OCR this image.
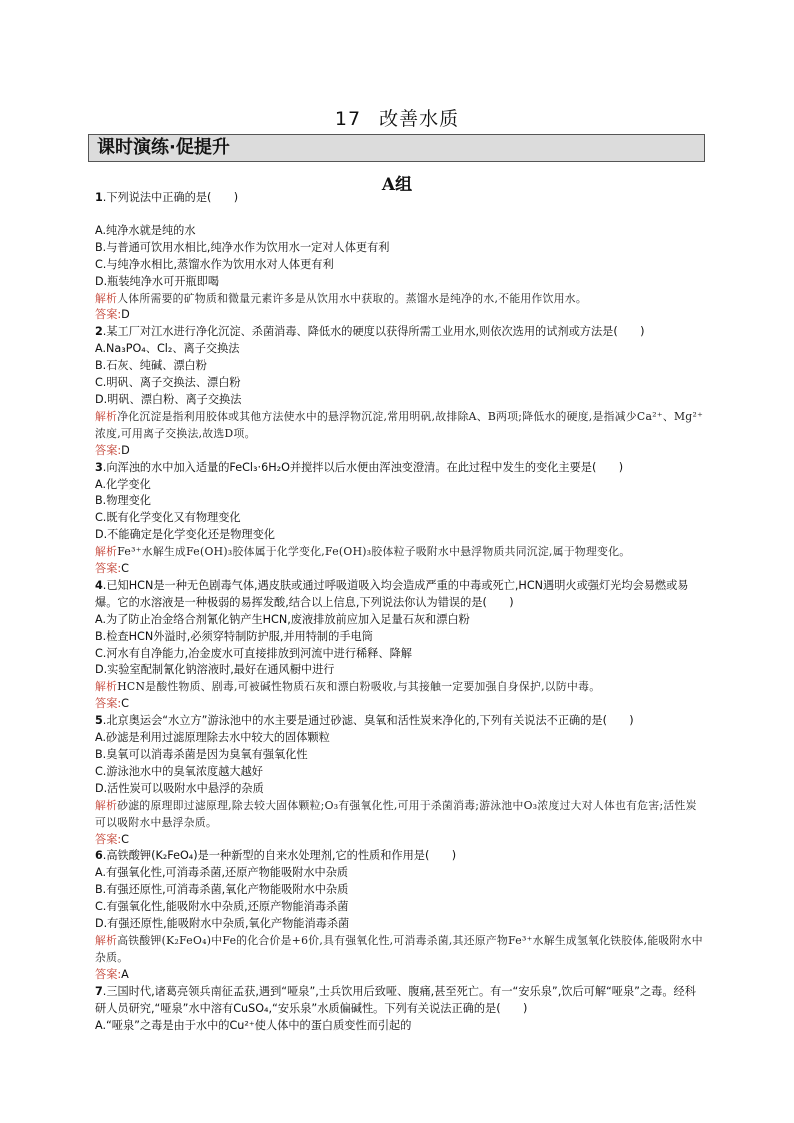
17 改善水质
课时演练·促提升
A组

1.下列说法中正确的是(　　)

A.纯净水就是纯的水

B.与普通可饮用水相比,纯净水作为饮用水一定对人体更有利

C.与纯净水相比,蒸馏水作为饮用水对人体更有利

D.瓶装纯净水可开瓶即喝

解析人体所需要的矿物质和微量元素许多是从饮用水中获取的。蒸馏水是纯净的水,不能用作饮用水。

答案:D

2.某工厂对江水进行净化沉淀、杀菌消毒、降低水的硬度以获得所需工业用水,则依次选用的试剂或方法是(　　)

A.Na₃PO₄、Cl₂、离子交换法

B.石灰、纯碱、漂白粉

C.明矾、离子交换法、漂白粉

D.明矾、漂白粉、离子交换法

解析净化沉淀是指利用胶体或其他方法使水中的悬浮物沉淀,常用明矾,故排除A、B两项;降低水的硬度,是指减少Ca²⁺、Mg²⁺浓度,可用离子交换法,故选D项。

答案:D

3.向浑浊的水中加入适量的FeCl₃·6H₂O并搅拌以后水便由浑浊变澄清。在此过程中发生的变化主要是(　　)

A.化学变化

B.物理变化

C.既有化学变化又有物理变化

D.不能确定是化学变化还是物理变化

解析Fe³⁺水解生成Fe(OH)₃胶体属于化学变化,Fe(OH)₃胶体粒子吸附水中悬浮物质共同沉淀,属于物理变化。

答案:C

4.已知HCN是一种无色剧毒气体,遇皮肤或通过呼吸道吸入均会造成严重的中毒或死亡,HCN遇明火或强灯光均会易燃或易爆。它的水溶液是一种极弱的易挥发酸,结合以上信息,下列说法你认为错误的是(　　)

A.为了防止冶金络合剂氰化钠产生HCN,废液排放前应加入足量石灰和漂白粉

B.检查HCN外溢时,必须穿特制防护服,并用特制的手电筒

C.河水有自净能力,冶金废水可直接排放到河流中进行稀释、降解

D.实验室配制氰化钠溶液时,最好在通风橱中进行

解析HCN是酸性物质、剧毒,可被碱性物质石灰和漂白粉吸收,与其接触一定要加强自身保护,以防中毒。

答案:C

5.北京奥运会“水立方”游泳池中的水主要是通过砂滤、臭氧和活性炭来净化的,下列有关说法不正确的是(　　)

A.砂滤是利用过滤原理除去水中较大的固体颗粒

B.臭氧可以消毒杀菌是因为臭氧有强氧化性

C.游泳池水中的臭氧浓度越大越好

D.活性炭可以吸附水中悬浮的杂质

解析砂滤的原理即过滤原理,除去较大固体颗粒;O₃有强氧化性,可用于杀菌消毒;游泳池中O₃浓度过大对人体也有危害;活性炭可以吸附水中悬浮杂质。

答案:C

6.高铁酸钾(K₂FeO₄)是一种新型的自来水处理剂,它的性质和作用是(　　)

A.有强氧化性,可消毒杀菌,还原产物能吸附水中杂质

B.有强还原性,可消毒杀菌,氧化产物能吸附水中杂质

C.有强氧化性,能吸附水中杂质,还原产物能消毒杀菌

D.有强还原性,能吸附水中杂质,氧化产物能消毒杀菌

解析高铁酸钾(K₂FeO₄)中Fe的化合价是+6价,具有强氧化性,可消毒杀菌,其还原产物Fe³⁺水解生成氢氧化铁胶体,能吸附水中杂质。

答案:A

7.三国时代,诸葛亮领兵南征孟获,遇到“哑泉”,士兵饮用后致哑、腹痛,甚至死亡。有一“安乐泉”,饮后可解“哑泉”之毒。经科研人员研究,“哑泉”水中溶有CuSO₄,“安乐泉”水质偏碱性。下列有关说法正确的是(　　)

A.“哑泉”之毒是由于水中的Cu²⁺使人体中的蛋白质变性而引起的
